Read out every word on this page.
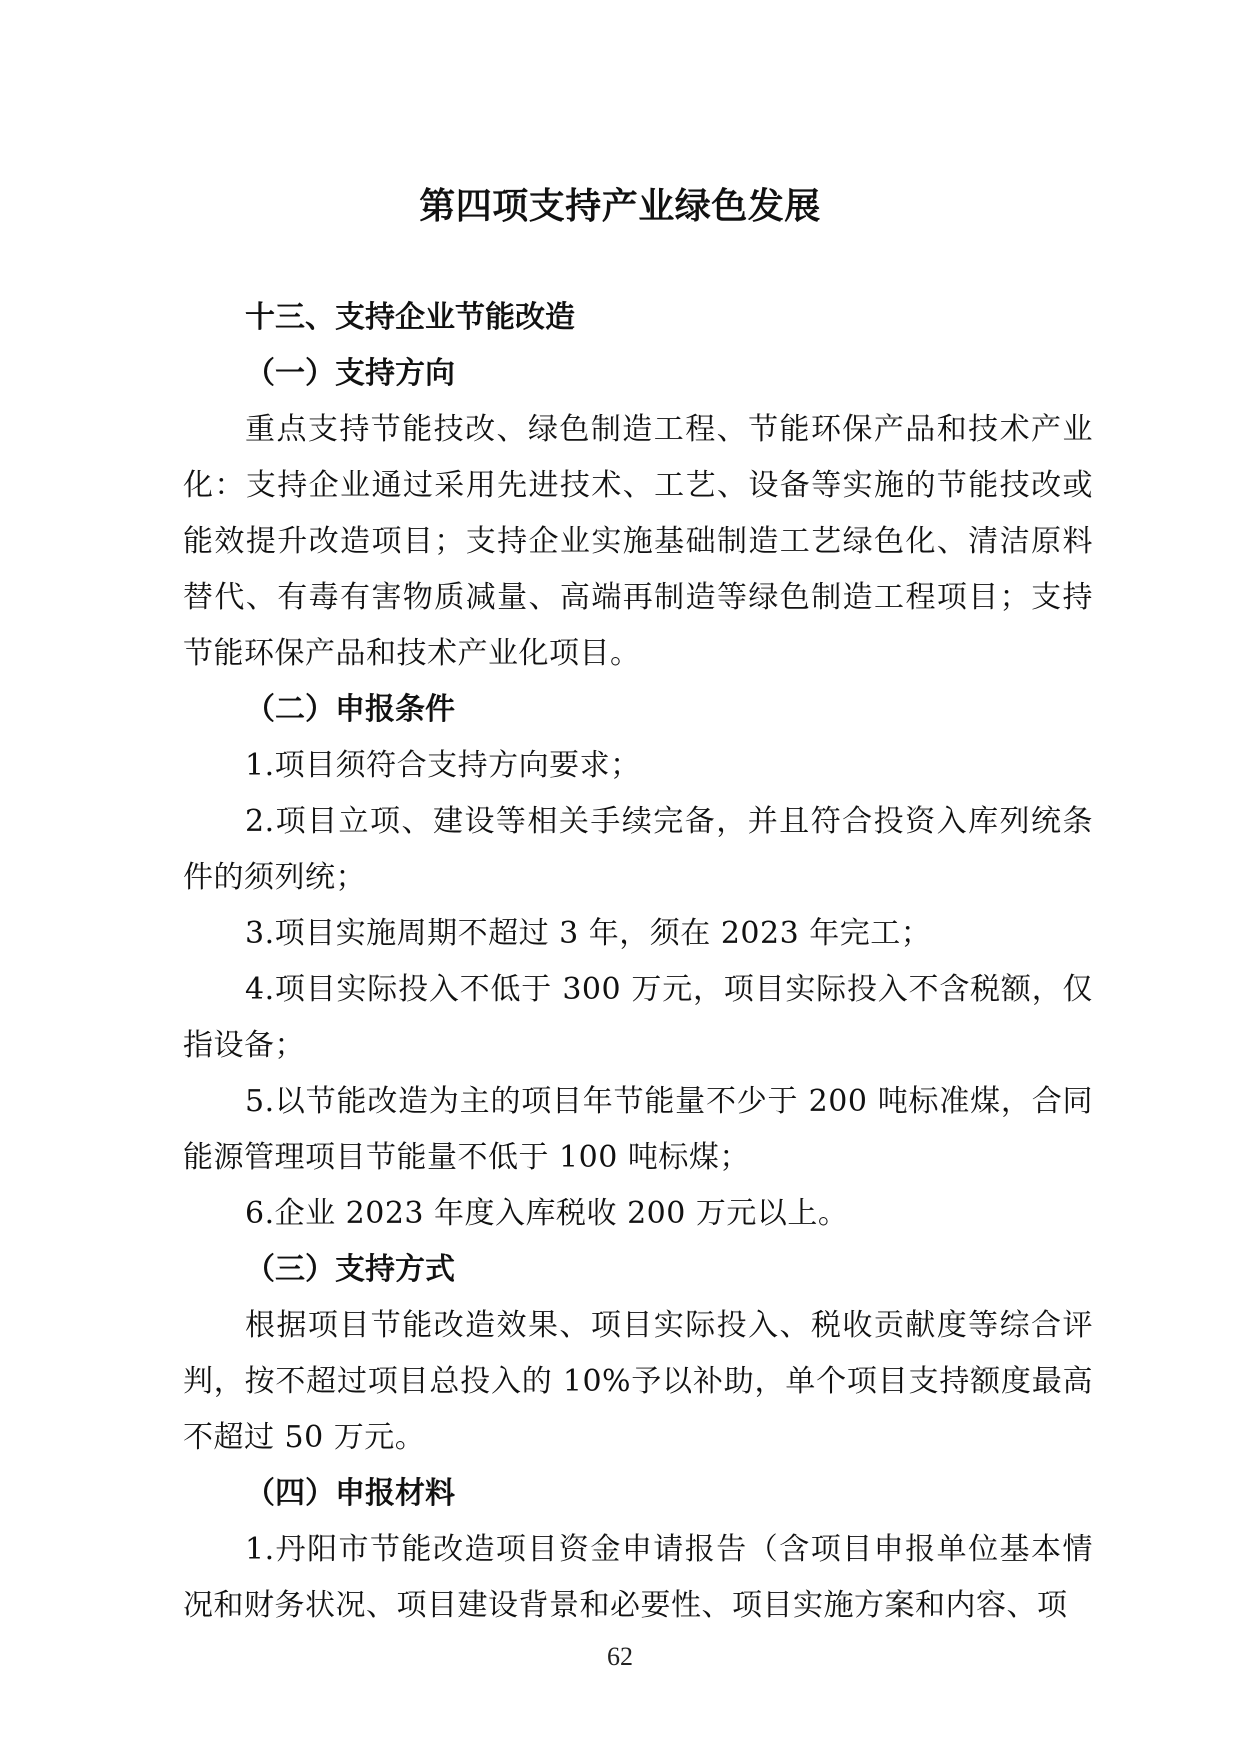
第四项支持产业绿色发展
十三、支持企业节能改造
（一）支持方向
重点支持节能技改、绿色制造工程、节能环保产品和技术产业化：支持企业通过采用先进技术、工艺、设备等实施的节能技改或能效提升改造项目；支持企业实施基础制造工艺绿色化、清洁原料替代、有毒有害物质减量、高端再制造等绿色制造工程项目；支持节能环保产品和技术产业化项目。
（二）申报条件
1.项目须符合支持方向要求；
2.项目立项、建设等相关手续完备，并且符合投资入库列统条件的须列统；
3.项目实施周期不超过 3 年，须在 2023 年完工；
4.项目实际投入不低于 300 万元，项目实际投入不含税额，仅指设备；
5.以节能改造为主的项目年节能量不少于 200 吨标准煤，合同能源管理项目节能量不低于 100 吨标煤；
6.企业 2023 年度入库税收 200 万元以上。
（三）支持方式
根据项目节能改造效果、项目实际投入、税收贡献度等综合评判，按不超过项目总投入的 10%予以补助，单个项目支持额度最高不超过 50 万元。
（四）申报材料
1.丹阳市节能改造项目资金申请报告（含项目申报单位基本情况和财务状况、项目建设背景和必要性、项目实施方案和内容、项
62
